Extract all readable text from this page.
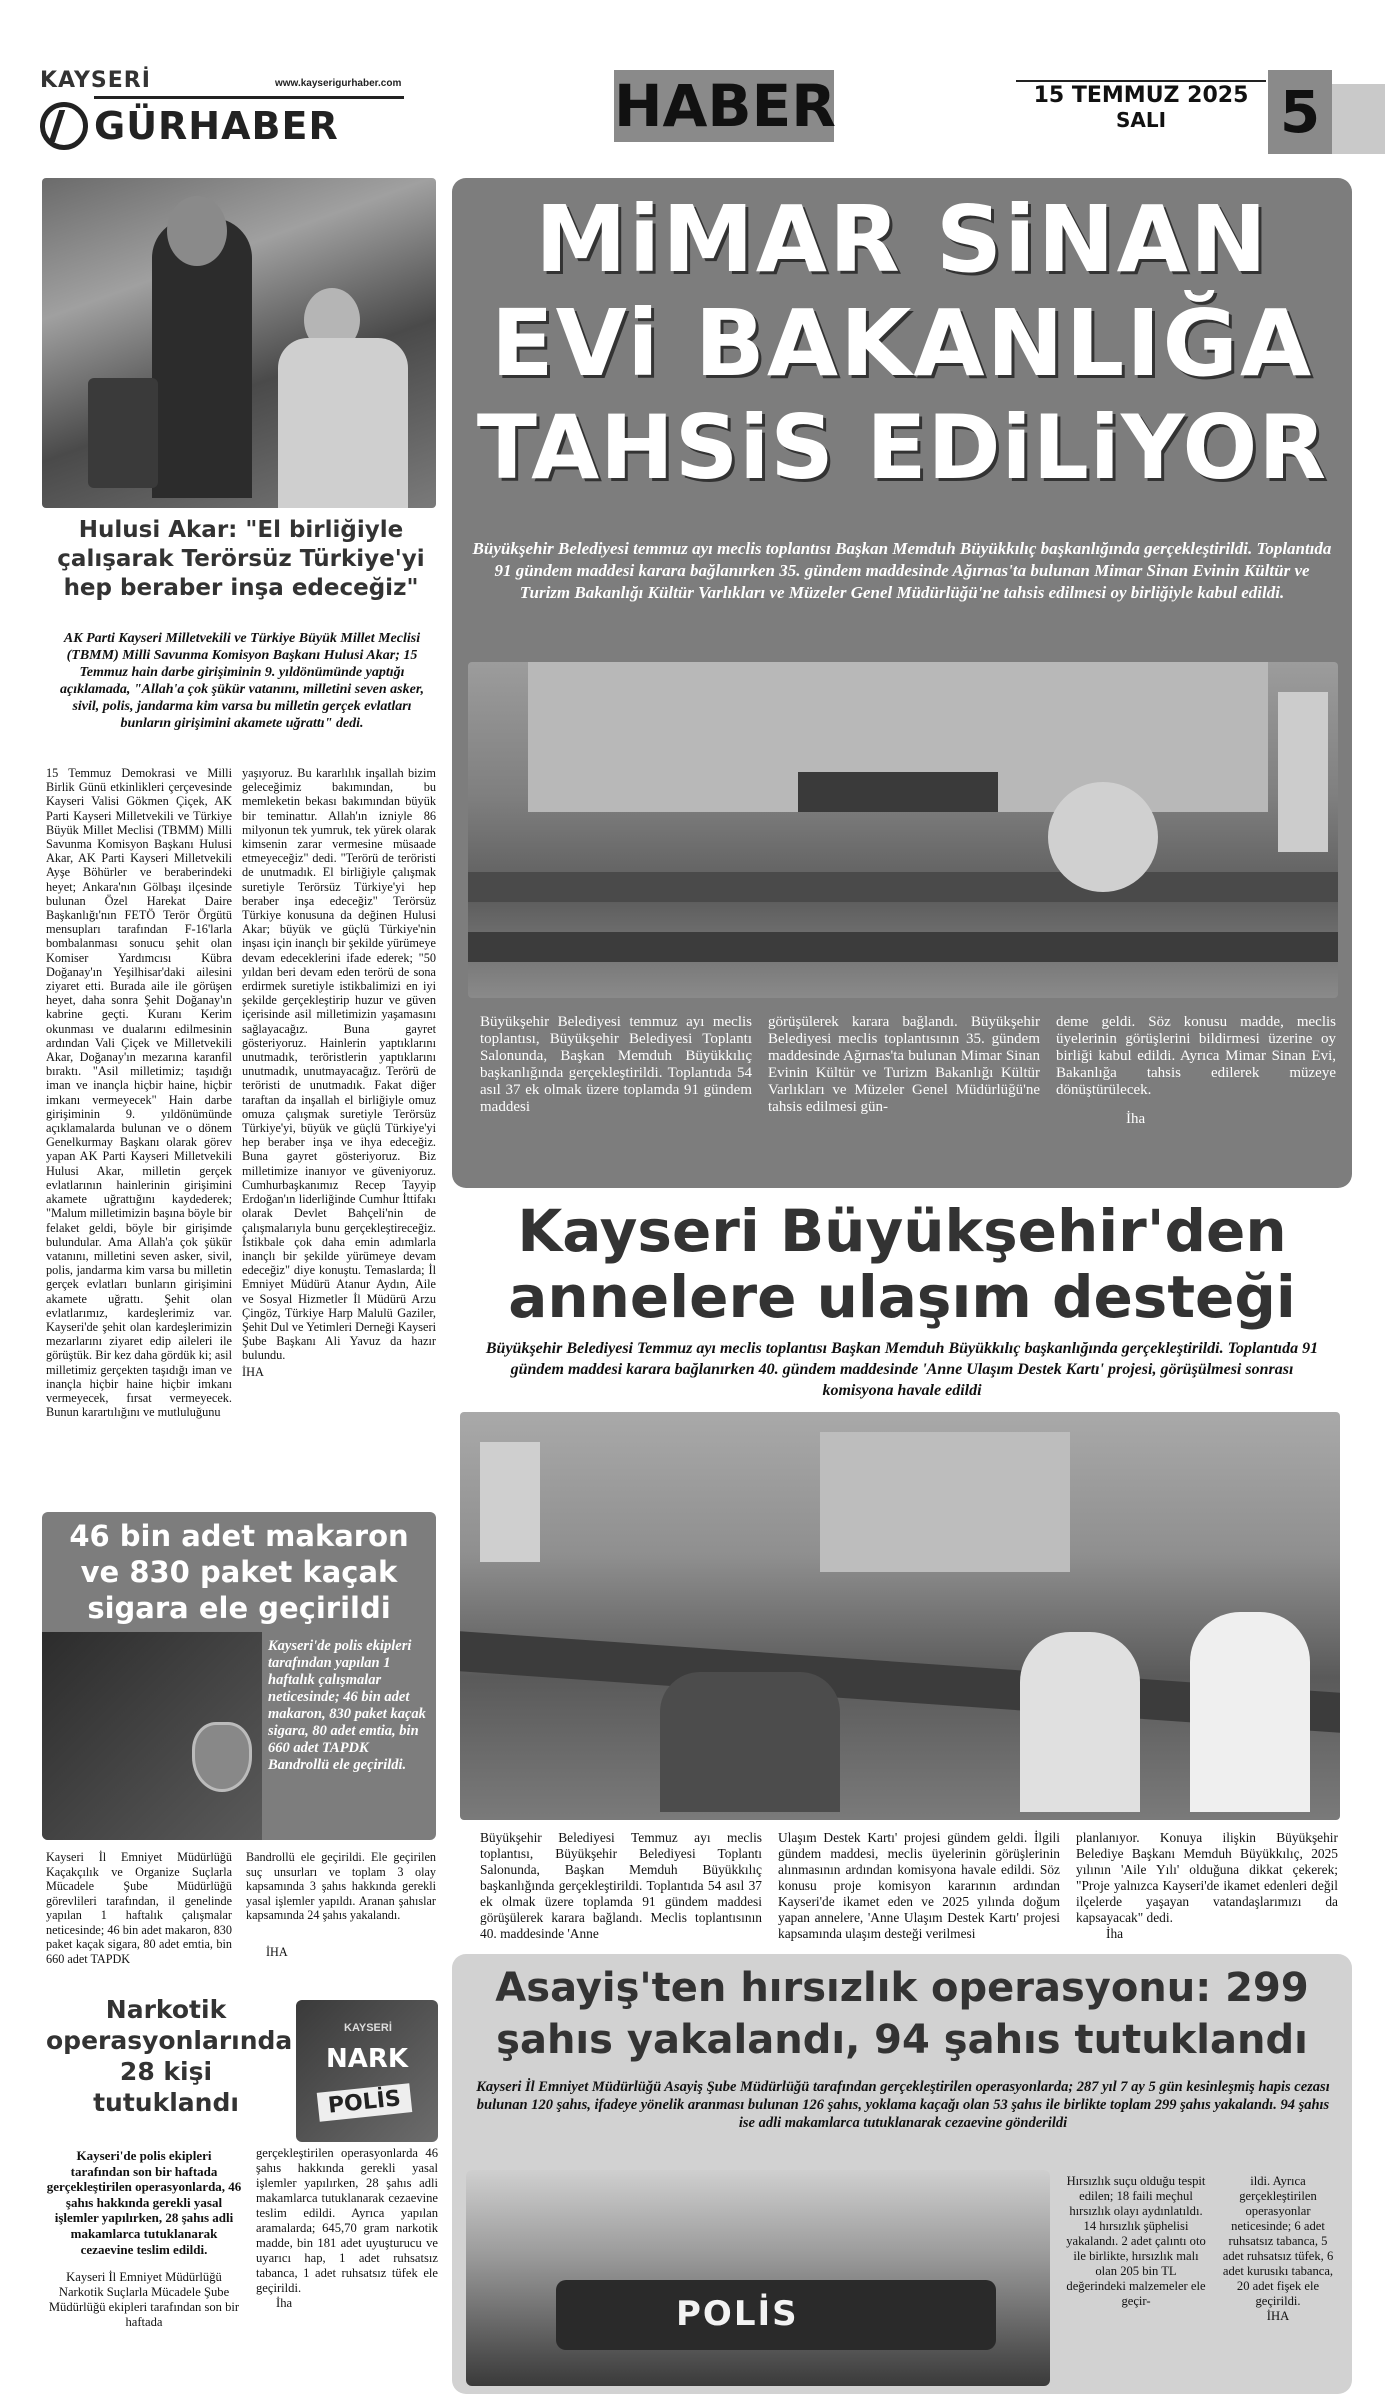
KAYSERİ	www.kayserigurhaber.com
GÜRHABER	HABER	15 TEMMUZ 2025
SALI	5
Hulusi Akar: "El birliğiyle çalışarak Terörsüz Türkiye'yi hep beraber inşa edeceğiz"
AK Parti Kayseri Milletvekili ve Türkiye Büyük Millet Meclisi (TBMM) Milli Savunma Komisyon Başkanı Hulusi Akar; 15 Temmuz hain darbe girişiminin 9. yıldönümünde yaptığı açıklamada, "Allah'a çok şükür vatanını, milletini seven asker, sivil, polis, jandarma kim varsa bu milletin gerçek evlatları bunların girişimini akamete uğrattı" dedi.
15 Temmuz Demokrasi ve Milli Birlik Günü etkinlikleri çerçevesinde Kayseri Valisi Gökmen Çiçek, AK Parti Kayseri Milletvekili ve Türkiye Büyük Millet Meclisi (TBMM) Milli Savunma Komisyon Başkanı Hulusi Akar, AK Parti Kayseri Milletvekili Ayşe Böhürler ve beraberindeki heyet; Ankara'nın Gölbaşı ilçesinde bulunan Özel Harekat Daire Başkanlığı'nın FETÖ Terör Örgütü mensupları tarafından F-16'larla bombalanması sonucu şehit olan Komiser Yardımcısı Kübra Doğanay'ın Yeşilhisar'daki ailesini ziyaret etti. Burada aile ile görüşen heyet, daha sonra Şehit Doğanay'ın kabrine geçti. Kuranı Kerim okunması ve dualarını edilmesinin ardından Vali Çiçek ve Milletvekili Akar, Doğanay'ın mezarına karanfil bıraktı. "Asil milletimiz; taşıdığı iman ve inançla hiçbir haine, hiçbir imkanı vermeyecek" Hain darbe girişiminin 9. yıldönümünde açıklamalarda bulunan ve o dönem Genelkurmay Başkanı olarak görev yapan AK Parti Kayseri Milletvekili Hulusi Akar, milletin gerçek evlatlarının hainlerinin girişimini akamete uğrattığını kaydederek; "Malum milletimizin başına böyle bir felaket geldi, böyle bir girişimde bulundular. Ama Allah'a çok şükür vatanını, milletini seven asker, sivil, polis, jandarma kim varsa bu milletin gerçek evlatları bunların girişimini akamete uğrattı. Şehit olan evlatlarımız, kardeşlerimiz var. Kayseri'de şehit olan kardeşlerimizin mezarlarını ziyaret edip aileleri ile görüştük. Bir kez daha gördük ki; asil milletimiz gerçekten taşıdığı iman ve inançla hiçbir haine hiçbir imkanı vermeyecek, fırsat vermeyecek. Bunun karartılığını ve mutluluğunu
yaşıyoruz. Bu kararlılık inşallah bizim geleceğimiz bakımından, bu memleketin bekası bakımından büyük bir teminattır. Allah'ın izniyle 86 milyonun tek yumruk, tek yürek olarak kimsenin zarar vermesine müsaade etmeyeceğiz" dedi. "Terörü de teröristi de unutmadık. El birliğiyle çalışmak suretiyle Terörsüz Türkiye'yi hep beraber inşa edeceğiz" Terörsüz Türkiye konusuna da değinen Hulusi Akar; büyük ve güçlü Türkiye'nin inşası için inançlı bir şekilde yürümeye devam edeceklerini ifade ederek; "50 yıldan beri devam eden terörü de sona erdirmek suretiyle istikbalimizi en iyi şekilde gerçekleştirip huzur ve güven içerisinde asil milletimizin yaşamasını sağlayacağız. Buna gayret gösteriyoruz. Hainlerin yaptıklarını unutmadık, teröristlerin yaptıklarını unutmadık, unutmayacağız. Terörü de teröristi de unutmadık. Fakat diğer taraftan da inşallah el birliğiyle omuz omuza çalışmak suretiyle Terörsüz Türkiye'yi, büyük ve güçlü Türkiye'yi hep beraber inşa ve ihya edeceğiz. Buna gayret gösteriyoruz. Biz milletimize inanıyor ve güveniyoruz. Cumhurbaşkanımız Recep Tayyip Erdoğan'ın liderliğinde Cumhur İttifakı olarak Devlet Bahçeli'nin de çalışmalarıyla bunu gerçekleştireceğiz. İstikbale çok daha emin adımlarla inançlı bir şekilde yürümeye devam edeceğiz" diye konuştu. Temaslarda; İl Emniyet Müdürü Atanur Aydın, Aile ve Sosyal Hizmetler İl Müdürü Arzu Çingöz, Türkiye Harp Malulü Gaziler, Şehit Dul ve Yetimleri Derneği Kayseri Şube Başkanı Ali Yavuz da hazır bulundu.
İHA
MiMAR SiNAN
EVi BAKANLIĞA
TAHSiS EDiLiYOR
Büyükşehir Belediyesi temmuz ayı meclis toplantısı Başkan Memduh Büyükkılıç başkanlığında gerçekleştirildi. Toplantıda 91 gündem maddesi karara bağlanırken 35. gündem maddesinde Ağırnas'ta bulunan Mimar Sinan Evinin Kültür ve Turizm Bakanlığı Kültür Varlıkları ve Müzeler Genel Müdürlüğü'ne tahsis edilmesi oy birliğiyle kabul edildi.
Büyükşehir Belediyesi temmuz ayı meclis toplantısı, Büyükşehir Belediyesi Toplantı Salonunda, Başkan Memduh Büyükkılıç başkanlığında gerçekleştirildi. Toplantıda 54 asıl 37 ek olmak üzere toplamda 91 gündem maddesi
görüşülerek karara bağlandı. Büyükşehir Belediyesi meclis toplantısının 35. gündem maddesinde Ağırnas'ta bulunan Mimar Sinan Evinin Kültür ve Turizm Bakanlığı Kültür Varlıkları ve Müzeler Genel Müdürlüğü'ne tahsis edilmesi gün-
deme geldi. Söz konusu madde, meclis üyelerinin görüşlerini bildirmesi üzerine oy birliği kabul edildi. Ayrıca Mimar Sinan Evi, Bakanlığa tahsis edilerek müzeye dönüştürülecek.
İha
Kayseri Büyükşehir'den
annelere ulaşım desteği
Büyükşehir Belediyesi Temmuz ayı meclis toplantısı Başkan Memduh Büyükkılıç başkanlığında gerçekleştirildi. Toplantıda 91 gündem maddesi karara bağlanırken 40. gündem maddesinde 'Anne Ulaşım Destek Kartı' projesi, görüşülmesi sonrası komisyona havale edildi
Büyükşehir Belediyesi Temmuz ayı meclis toplantısı, Büyükşehir Belediyesi Toplantı Salonunda, Başkan Memduh Büyükkılıç başkanlığında gerçekleştirildi. Toplantıda 54 asıl 37 ek olmak üzere toplamda 91 gündem maddesi görüşülerek karara bağlandı. Meclis toplantısının 40. maddesinde 'Anne
Ulaşım Destek Kartı' projesi gündem geldi. İlgili gündem maddesi, meclis üyelerinin görüşlerinin alınmasının ardından komisyona havale edildi. Söz konusu proje komisyon kararının ardından Kayseri'de ikamet eden ve 2025 yılında doğum yapan annelere, 'Anne Ulaşım Destek Kartı' projesi kapsamında ulaşım desteği verilmesi
planlanıyor. Konuya ilişkin Büyükşehir Belediye Başkanı Memduh Büyükkılıç, 2025 yılının 'Aile Yılı' olduğuna dikkat çekerek; "Proje yalnızca Kayseri'de ikamet edenleri değil ilçelerde yaşayan vatandaşlarımızı da kapsayacak" dedi.
İha
46 bin adet makaron ve 830 paket kaçak sigara ele geçirildi
Kayseri'de polis ekipleri tarafından yapılan 1 haftalık çalışmalar neticesinde; 46 bin adet makaron, 830 paket kaçak sigara, 80 adet emtia, bin 660 adet TAPDK Bandrollü ele geçirildi.
Kayseri İl Emniyet Müdürlüğü Kaçakçılık ve Organize Suçlarla Mücadele Şube Müdürlüğü görevlileri tarafından, il genelinde yapılan 1 haftalık çalışmalar neticesinde; 46 bin adet makaron, 830 paket kaçak sigara, 80 adet emtia, bin 660 adet TAPDK
Bandrollü ele geçirildi. Ele geçirilen suç unsurları ve toplam 3 olay kapsamında 3 şahıs hakkında gerekli yasal işlemler yapıldı. Aranan şahıslar kapsamında 24 şahıs yakalandı.
İHA
Narkotik operasyonlarında 28 kişi tutuklandı
KAYSERİ
NARK
POLİS
Kayseri'de polis ekipleri tarafından son bir haftada gerçekleştirilen operasyonlarda, 46 şahıs hakkında gerekli yasal işlemler yapılırken, 28 şahıs adli makamlarca tutuklanarak cezaevine teslim edildi.
Kayseri İl Emniyet Müdürlüğü Narkotik Suçlarla Mücadele Şube Müdürlüğü ekipleri tarafından son bir haftada
gerçekleştirilen operasyonlarda 46 şahıs hakkında gerekli yasal işlemler yapılırken, 28 şahıs adli makamlarca tutuklanarak cezaevine teslim edildi. Ayrıca yapılan aramalarda; 645,70 gram narkotik madde, bin 181 adet uyuşturucu ve uyarıcı hap, 1 adet ruhsatsız tabanca, 1 adet ruhsatsız tüfek ele geçirildi.
İha
Asayiş'ten hırsızlık operasyonu: 299
şahıs yakalandı, 94 şahıs tutuklandı
Kayseri İl Emniyet Müdürlüğü Asayiş Şube Müdürlüğü tarafından gerçekleştirilen operasyonlarda; 287 yıl 7 ay 5 gün kesinleşmiş hapis cezası bulunan 120 şahıs, ifadeye yönelik aranması bulunan 126 şahıs, yoklama kaçağı olan 53 şahıs ile birlikte toplam 299 şahıs yakalandı. 94 şahıs ise adli makamlarca tutuklanarak cezaevine gönderildi
POLİS
Hırsızlık suçu olduğu tespit edilen; 18 faili meçhul hırsızlık olayı aydınlatıldı. 14 hırsızlık şüphelisi yakalandı. 2 adet çalıntı oto ile birlikte, hırsızlık malı olan 205 bin TL değerindeki malzemeler ele geçir-
ildi. Ayrıca gerçekleştirilen operasyonlar neticesinde; 6 adet ruhsatsız tabanca, 5 adet ruhsatsız tüfek, 6 adet kurusıkı tabanca, 20 adet fişek ele geçirildi.
İHA
